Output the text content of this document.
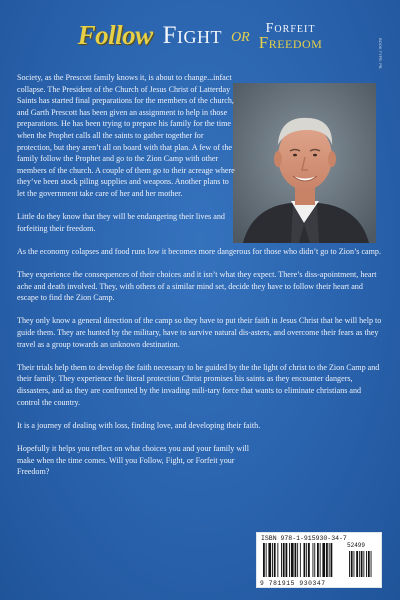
Follow Fight or	Forfeit
Freedom	BOOK TYPE: PB

Society, as the Prescott family knows it, is about to change...infact collapse. The President of the Church of Jesus Christ of Latterday Saints has started final preparations for the members of the church, and Garth Prescott has been given an assignment to help in those preparations. He has been trying to prepare his family for the time when the Prophet calls all the saints to gather together for protection, but they aren’t all on board with that plan. A few of the family follow the Prophet and go to the Zion Camp with other members of the church. A couple of them go to their acreage where they’ve been stock piling supplies and weapons. Another plans to let the government take care of her and her mother.

Little do they know that they will be endangering their lives and forfeiting their freedom.

As the economy colapses and food runs low it becomes more dangerous for those who didn’t go to Zion’s camp.

They experience the consequences of their choices and it isn’t what they expect. There’s diss-apointment, heart ache and death involved. They, with others of a similar mind set, decide they have to follow their heart and escape to find the Zion Camp.

They only know a general direction of the camp so they have to put their faith in Jesus Christ that he will help to guide them. They are hunted by the military, have to survive natural dis-asters, and overcome their fears as they travel as a group towards an unknown destination.

Their trials help them to develop the faith necessary to be guided by the the light of christ to the Zion Camp and their family. They experience the literal protection Christ promises his saints as they encounter dangers, dissasters, and as they are confronted by the invading mili-tary force that wants to eliminate christians and control the country.

It is a journey of dealing with loss, finding love, and developing their faith.

Hopefully it helps you reflect on what choices you and your family will make when the time comes. Will you Follow, Fight, or Forfeit your Freedom?

ISBN 978-1-915930-34-7
52499
9 781915 930347
